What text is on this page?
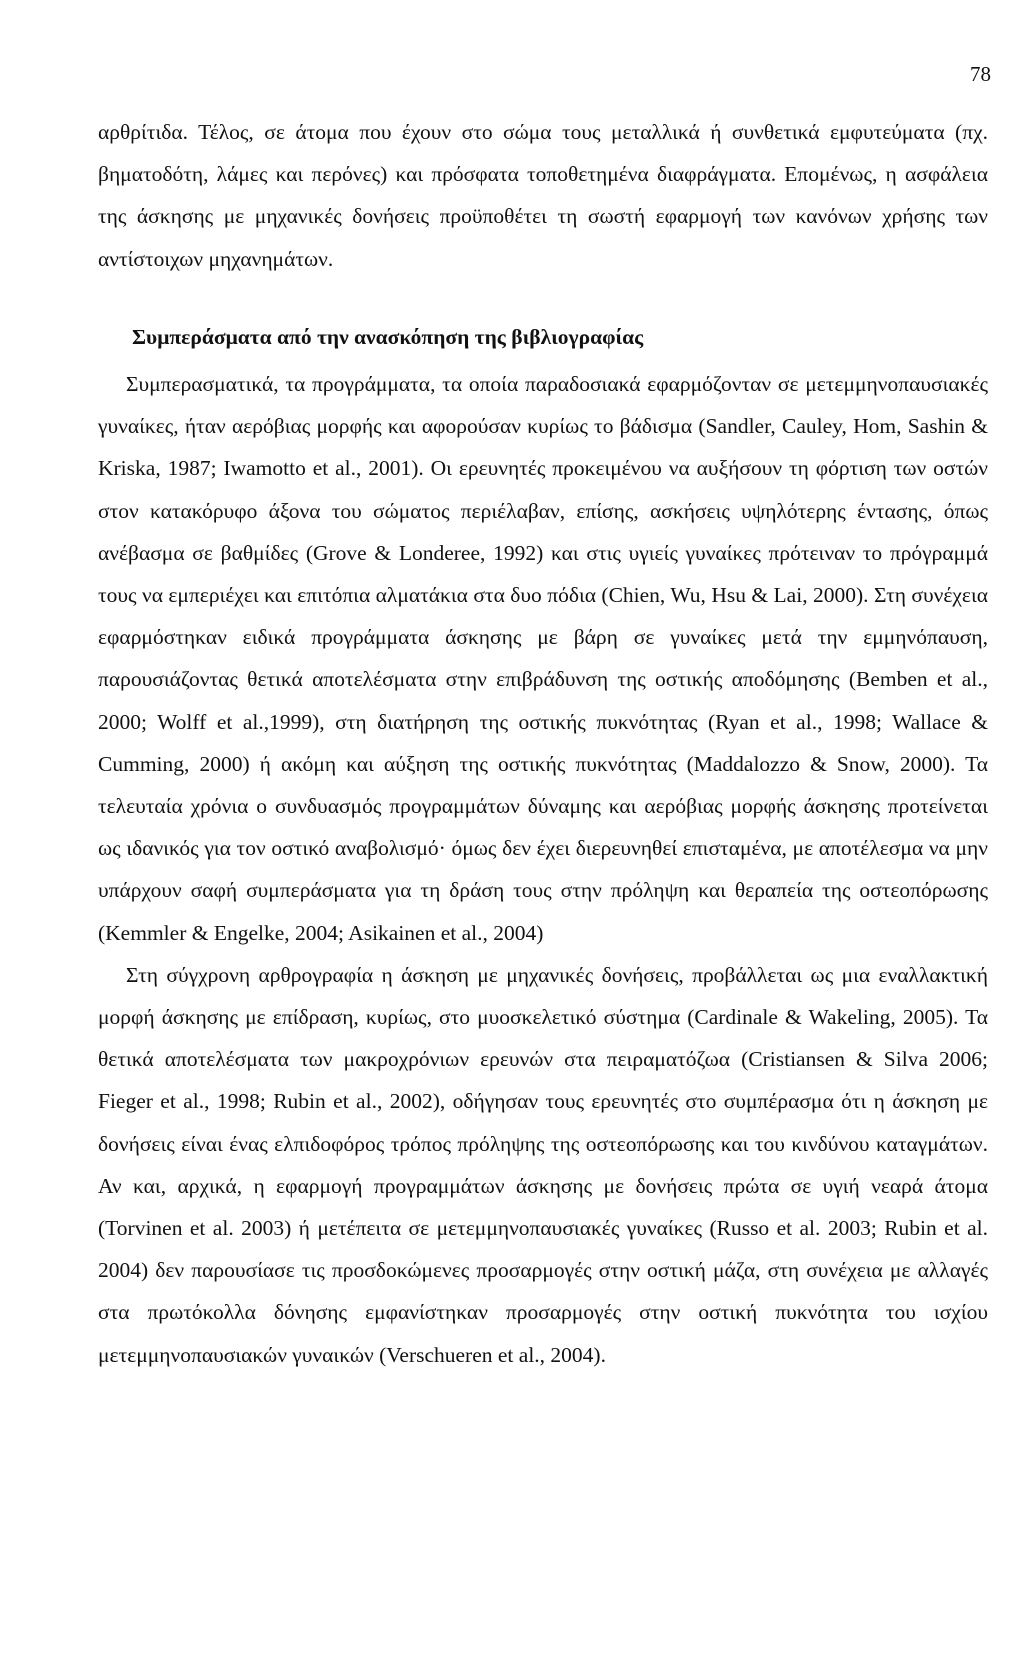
78

αρθρίτιδα. Τέλος, σε άτομα που έχουν στο σώμα τους μεταλλικά ή συνθετικά εμφυτεύματα (πχ. βηματοδότη, λάμες και περόνες) και πρόσφατα τοποθετημένα διαφράγματα. Επομένως, η ασφάλεια της άσκησης με μηχανικές δονήσεις προϋποθέτει τη σωστή εφαρμογή των κανόνων χρήσης των αντίστοιχων μηχανημάτων.

Συμπεράσματα από την ανασκόπηση της βιβλιογραφίας

Συμπερασματικά, τα προγράμματα, τα οποία παραδοσιακά εφαρμόζονταν σε μετεμμηνοπαυσιακές γυναίκες, ήταν αερόβιας μορφής και αφορούσαν κυρίως το βάδισμα (Sandler, Cauley, Hom, Sashin & Kriska, 1987; Iwamotto et al., 2001). Οι ερευνητές προκειμένου να αυξήσουν τη φόρτιση των οστών στον κατακόρυφο άξονα του σώματος περιέλαβαν, επίσης, ασκήσεις υψηλότερης έντασης, όπως ανέβασμα σε βαθμίδες (Grove & Londeree, 1992) και στις υγιείς γυναίκες πρότειναν το πρόγραμμά τους να εμπεριέχει και επιτόπια αλματάκια στα δυο πόδια (Chien, Wu, Hsu & Lai, 2000). Στη συνέχεια εφαρμόστηκαν ειδικά προγράμματα άσκησης με βάρη σε γυναίκες μετά την εμμηνόπαυση, παρουσιάζοντας θετικά αποτελέσματα στην επιβράδυνση της οστικής αποδόμησης (Bemben et al., 2000; Wolff et al.,1999), στη διατήρηση της οστικής πυκνότητας (Ryan et al., 1998; Wallace & Cumming, 2000) ή ακόμη και αύξηση της οστικής πυκνότητας (Maddalozzo & Snow, 2000). Τα τελευταία χρόνια ο συνδυασμός προγραμμάτων δύναμης και αερόβιας μορφής άσκησης προτείνεται ως ιδανικός για τον οστικό αναβολισμό· όμως δεν έχει διερευνηθεί επισταμένα, με αποτέλεσμα να μην υπάρχουν σαφή συμπεράσματα για τη δράση τους στην πρόληψη και θεραπεία της οστεοπόρωσης (Kemmler & Engelke, 2004; Asikainen et al., 2004)

Στη σύγχρονη αρθρογραφία η άσκηση με μηχανικές δονήσεις, προβάλλεται ως μια εναλλακτική μορφή άσκησης με επίδραση, κυρίως, στο μυοσκελετικό σύστημα (Cardinale & Wakeling, 2005). Τα θετικά αποτελέσματα των μακροχρόνιων ερευνών στα πειραματόζωα (Cristiansen & Silva 2006; Fieger et al., 1998; Rubin et al., 2002), οδήγησαν τους ερευνητές στο συμπέρασμα ότι η άσκηση με δονήσεις είναι ένας ελπιδοφόρος τρόπος πρόληψης της οστεοπόρωσης και του κινδύνου καταγμάτων. Αν και, αρχικά, η εφαρμογή προγραμμάτων άσκησης με δονήσεις πρώτα σε υγιή νεαρά άτομα (Torvinen et al. 2003) ή μετέπειτα σε μετεμμηνοπαυσιακές γυναίκες (Russo et al. 2003; Rubin et al. 2004) δεν παρουσίασε τις προσδοκώμενες προσαρμογές στην οστική μάζα, στη συνέχεια με αλλαγές στα πρωτόκολλα δόνησης εμφανίστηκαν προσαρμογές στην οστική πυκνότητα του ισχίου μετεμμηνοπαυσιακών γυναικών (Verschueren et al., 2004).
